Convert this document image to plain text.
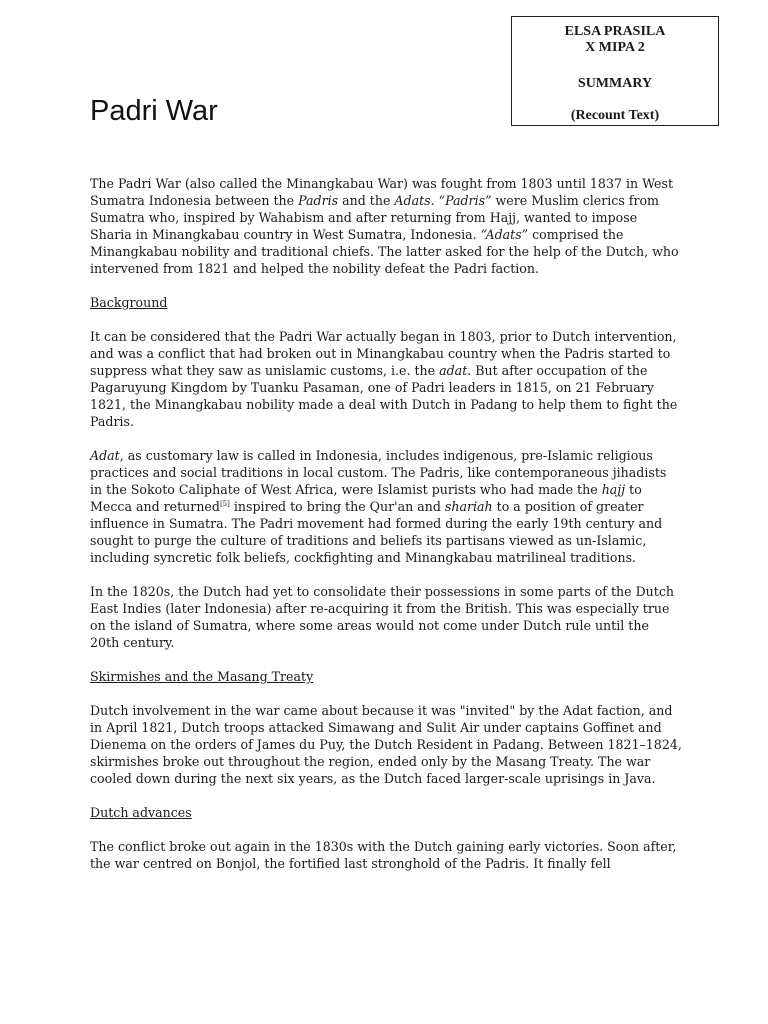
ELSA PRASILA
X MIPA 2
SUMMARY
(Recount Text)
Padri War

The Padri War (also called the Minangkabau War) was fought from 1803 until 1837 in West Sumatra Indonesia between the Padris and the Adats. “Padris” were Muslim clerics from Sumatra who, inspired by Wahabism and after returning from Hajj, wanted to impose Sharia in Minangkabau country in West Sumatra, Indonesia. “Adats” comprised the Minangkabau nobility and traditional chiefs. The latter asked for the help of the Dutch, who intervened from 1821 and helped the nobility defeat the Padri faction.

Background

It can be considered that the Padri War actually began in 1803, prior to Dutch intervention, and was a conflict that had broken out in Minangkabau country when the Padris started to suppress what they saw as unislamic customs, i.e. the adat. But after occupation of the Pagaruyung Kingdom by Tuanku Pasaman, one of Padri leaders in 1815, on 21 February 1821, the Minangkabau nobility made a deal with Dutch in Padang to help them to fight the Padris.

Adat, as customary law is called in Indonesia, includes indigenous, pre-Islamic religious practices and social traditions in local custom. The Padris, like contemporaneous jihadists in the Sokoto Caliphate of West Africa, were Islamist purists who had made the hajj to Mecca and returned[5] inspired to bring the Qur'an and shariah to a position of greater influence in Sumatra. The Padri movement had formed during the early 19th century and sought to purge the culture of traditions and beliefs its partisans viewed as un-Islamic, including syncretic folk beliefs, cockfighting and Minangkabau matrilineal traditions.

In the 1820s, the Dutch had yet to consolidate their possessions in some parts of the Dutch East Indies (later Indonesia) after re-acquiring it from the British. This was especially true on the island of Sumatra, where some areas would not come under Dutch rule until the 20th century.

Skirmishes and the Masang Treaty

Dutch involvement in the war came about because it was "invited" by the Adat faction, and in April 1821, Dutch troops attacked Simawang and Sulit Air under captains Goffinet and Dienema on the orders of James du Puy, the Dutch Resident in Padang. Between 1821–1824, skirmishes broke out throughout the region, ended only by the Masang Treaty. The war cooled down during the next six years, as the Dutch faced larger-scale uprisings in Java.

Dutch advances

The conflict broke out again in the 1830s with the Dutch gaining early victories. Soon after, the war centred on Bonjol, the fortified last stronghold of the Padris. It finally fell
